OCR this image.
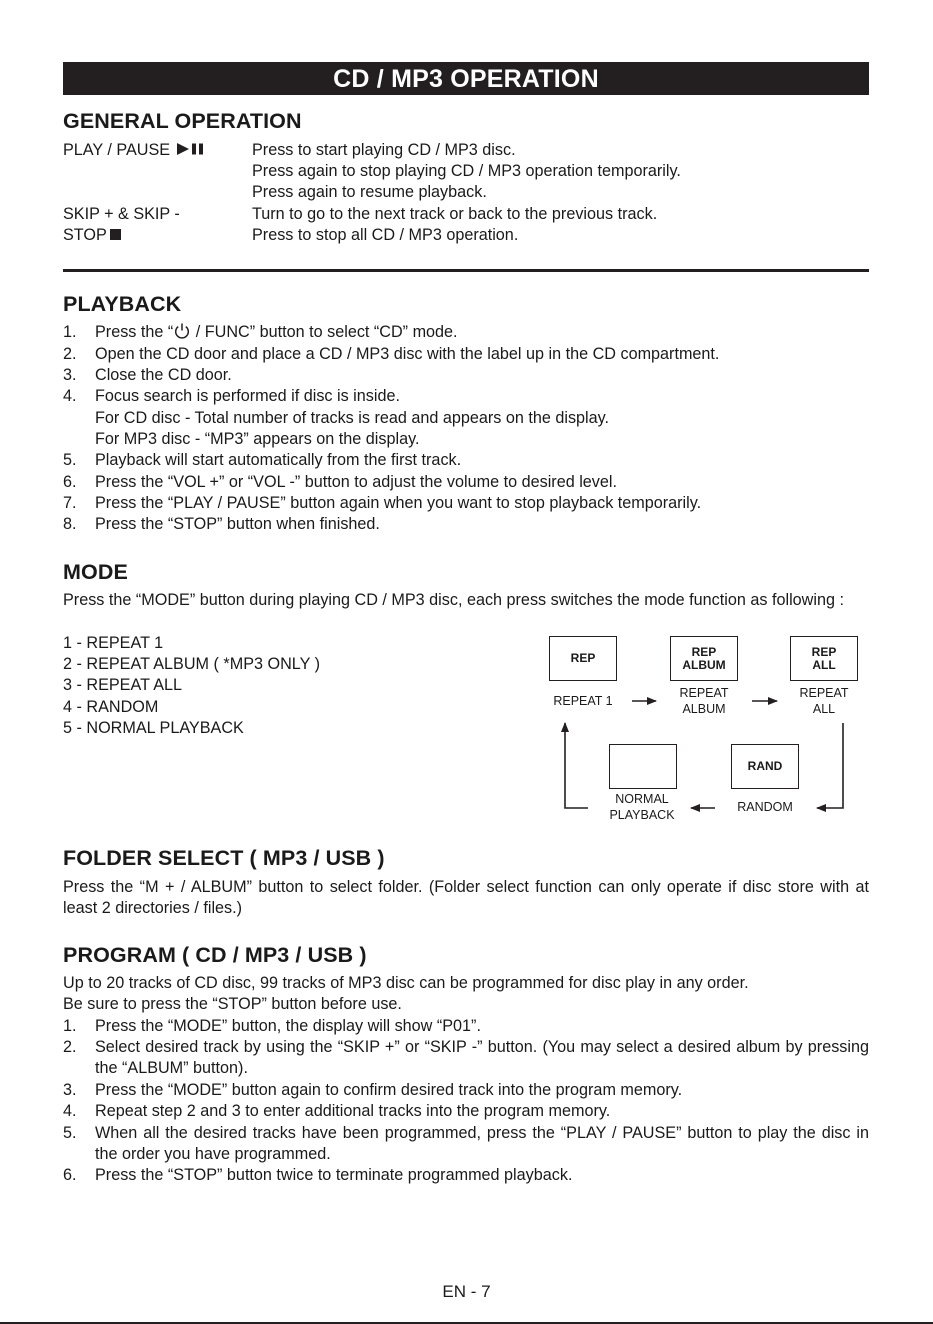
CD / MP3 OPERATION
GENERAL OPERATION
PLAY / PAUSE	Press to start playing CD / MP3 disc.
Press again to stop playing CD / MP3 operation temporarily.
Press again to resume playback.
SKIP + & SKIP -	Turn to go to the next track or back to the previous track.
STOP	Press to stop all CD / MP3 operation.
PLAYBACK
1. Press the “ / FUNC” button to select “CD” mode.
2. Open the CD door and place a CD / MP3 disc with the label up in the CD compartment.
3. Close the CD door.
4. Focus search is performed if disc is inside.
For CD disc - Total number of tracks is read and appears on the display.
For MP3 disc - “MP3” appears on the display.
5. Playback will start automatically from the first track.
6. Press the “VOL +” or “VOL -” button to adjust the volume to desired level.
7. Press the “PLAY / PAUSE” button again when you want to stop playback temporarily.
8. Press the “STOP” button when finished.
MODE
Press the “MODE” button during playing CD / MP3 disc, each press switches the mode function as following :
1 - REPEAT 1
2 - REPEAT ALBUM ( *MP3 ONLY )
3 - REPEAT ALL
4 - RANDOM
5 - NORMAL PLAYBACK
REP	REP
ALBUM
REP
ALL
RAND
REPEAT 1
REPEAT
ALBUM
REPEAT
ALL
NORMAL
PLAYBACK
RANDOM
FOLDER SELECT ( MP3 / USB )
Press the “M + / ALBUM” button to select folder. (Folder select function can only operate if disc store with at least 2 directories / files.)
PROGRAM ( CD / MP3 / USB )
Up to 20 tracks of CD disc, 99 tracks of MP3 disc can be programmed for disc play in any order.
Be sure to press the “STOP” button before use.
1. Press the “MODE” button, the display will show “P01”.
2. Select desired track by using the “SKIP +” or “SKIP -” button. (You may select a desired album by pressing the “ALBUM” button).
3. Press the “MODE” button again to confirm desired track into the program memory.
4. Repeat step 2 and 3 to enter additional tracks into the program memory.
5. When all the desired tracks have been programmed, press the “PLAY / PAUSE” button to play the disc in the order you have programmed.
6. Press the “STOP” button twice to terminate programmed playback.
EN - 7
